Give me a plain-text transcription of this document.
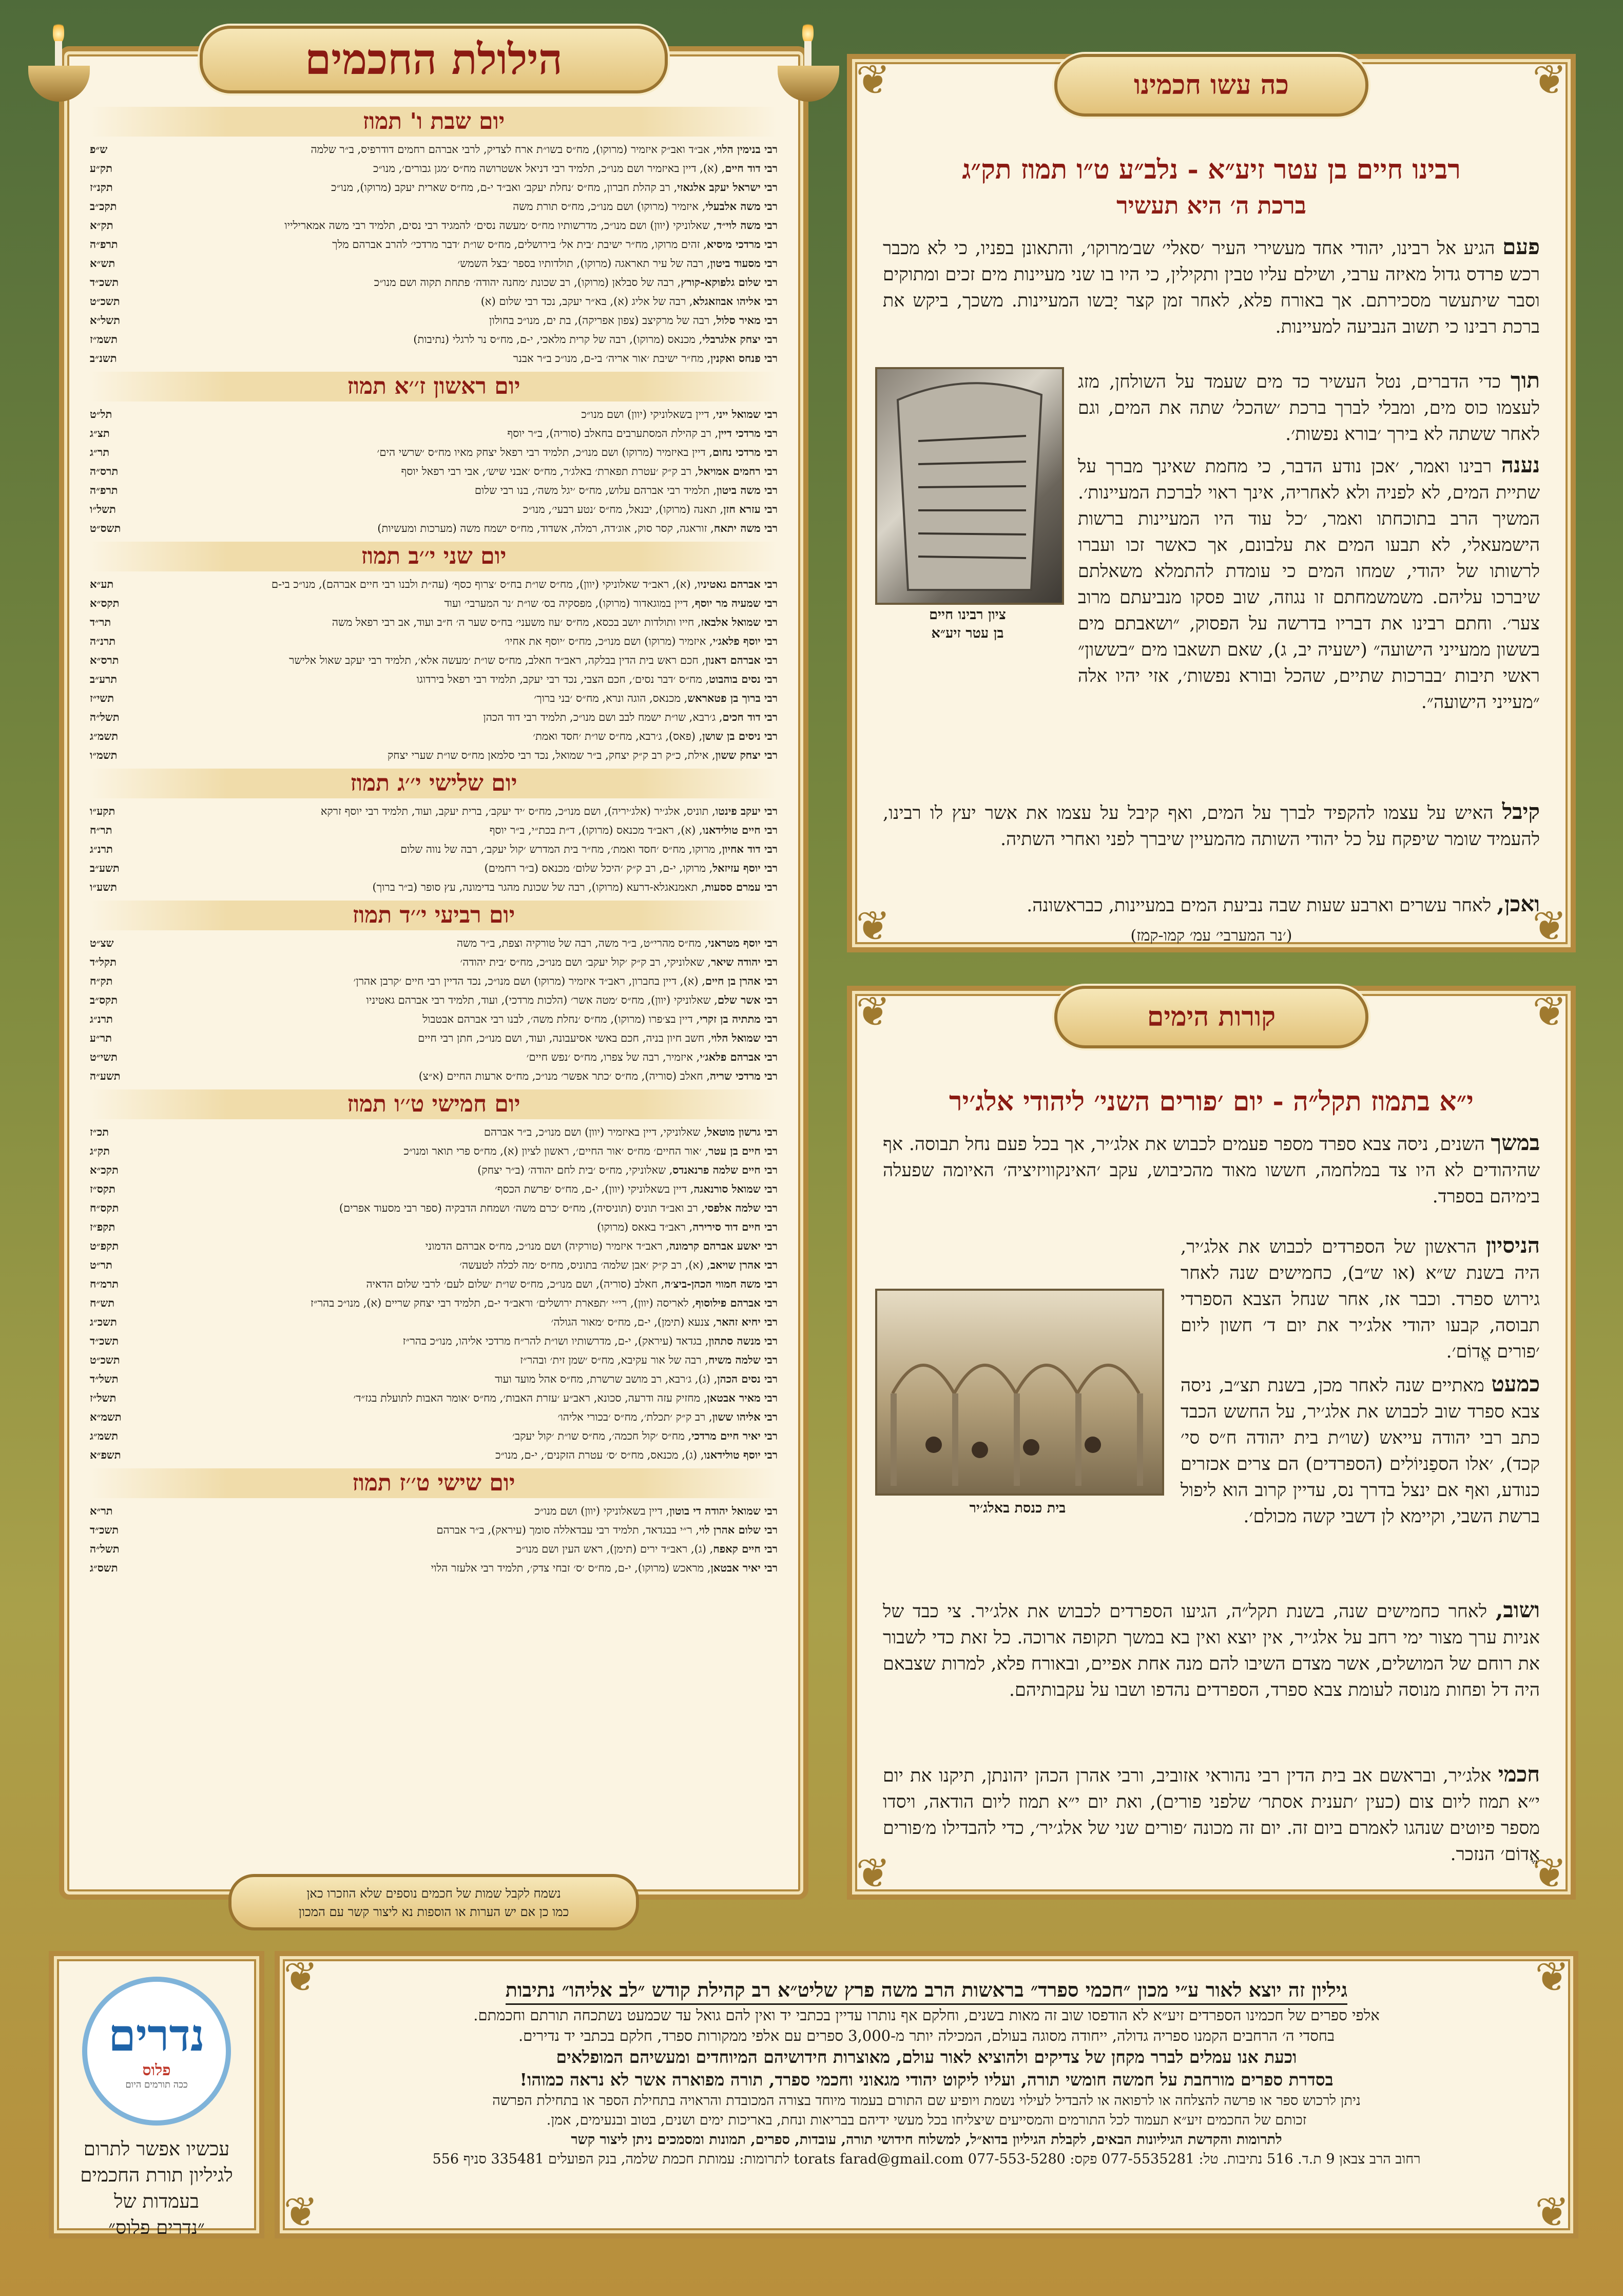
הילולת החכמים
יום שבת ו' תמוז
ש״פ	רבי בנימין הלוי, אב״ד ואב״ק איזמיר (מרוקו), מח״ס בשו״ת ארח לצדיק, לרבי אברהם רחמים דודרפיס, ב״ר שלמה
תק״ע	רבי דוד חיים, (א), דיין באיזמיר ושם מנו״כ, תלמיד רבי דניאל אשטרושה מח״ס ׳מגן גבורים׳, מנו״כ
תקנ״ז	רבי ישראל יעקב אלגאזי, רב קהלת חברון, מח״ס ׳נחלת יעקב׳ ואב״ד י-ם, מח״ס שארית יעקב (מרוקו), מנו״כ
תקכ״ב	רבי משה אלבעלי, איזמיר (מרוקו) ושם מנו״כ, מח״ס תורת משה
תק״א	רבי משה לוי״ד, שאלוניקי (יוון) ושם מנו״כ, מדרשותיו מח״ס ׳מעשה נסים׳ להמגיד רבי נסים, תלמיד רבי משה אמארילייו
תרפ״ה	רבי מרדכי מיסיא, זהים מרוקו, מח״ר ישיבת ׳בית אל׳ בירושלים, מח״ס שו״ת ׳דבר מרדכי׳ להרב אברהם מלך
תש״א	רבי מסעוד ביטון, רבה של עיר תאראגה (מרוקו), תולדותיו בספר ׳בצל השמש׳
תשכ״ד	רבי שלום גלפוקא-קורץ, רבה של סבלאן (מרוקו), רב שכונת ׳מחנה יהודה׳ פתחת תקוה ושם מנו״כ
תשכ״ט	רבי אליהו אבוזאגלא, רבה של אליג (א), בא״ר יעקב, נכד רבי שלום (א)
תשל״א	רבי מאיר סלול, רבה של מרקיצב (צפון אפריקה), בת ים, מנו״כ בחולון
תשמ״ז	רבי יצחק אלגרבלי, מכנאס (מרוקו), רבה של קרית מלאכי, י-ם, מח״ס נר לרגלי (נתיבות)
תשנ״ב	רבי פנחס ואקנין, מח״ר ישיבת ׳אור אריה׳ בי-ם, מנו״כ ב״ר אבנר
יום ראשון ז׳׳א תמוז
תל״ט	רבי שמואל ייני, דיין בשאלוניקי (יוון) ושם מנו״כ
תצ״ג	רבי מרדכי דיין, רב קהילת המסתערבים בחאלב (סוריה), ב״ר יוסף
תר״ג	רבי מרדכי נחום, דיין באיזמיר (מרוקו) ושם מנו״כ, תלמיד רבי רפאל יצחק מאיו מח״ס ׳שרשי הים׳
תרס״ה	רבי רחמים אמויאל, רב ק״ק ׳עטרת תפארת׳ באלג׳ר, מח״ס ׳אבני שיש׳, אבי רבי רפאל יוסף
תרפ״ה	רבי משה ביטון, תלמיד רבי אברהם עלוש, מח״ס ׳יגל משה׳, בנו רבי שלום
תשל״ו	רבי עזרא חזן, תאנה (מרוקו), יבנאל, מח״ס ׳נטע רבעי׳, מנו״כ
תשס״ט	רבי משה יתאח, זוראגה, קסר סוק, אוג׳דה, רמלה, אשדוד, מח״ס ישמח משה (מערכות ומעשיות)
יום שני י׳׳ב תמוז
תע״א	רבי אברהם גאטיניו, (א), ראב״ד שאלוניקי (יוון), מח״ס שו״ת בח״ס ׳צרוף כסף׳ (עה״ת ולבנו רבי חיים אברהם), מנו״כ בי-ם
תקס״א	רבי שמעיה מר יוסף, דיין במוגאדור (מרוקו), מפסקיה בס׳ שו״ת ׳נר המערבי׳ ועוד
תר״ד	רבי שמואל אלבאז, חייו ותולדות יושב בכסא, מח״ס ׳עוז משעני׳ בח״ס שער ה׳ ח״ב ועוד, אב רבי רפאל משה
תרנ״ה	רבי יוסף פלאג׳י, איזמיר (מרוקו) ושם מנו״כ, מח״ס ׳יוסף את אחיו׳
תרס״א	רבי אברהם דאנון, חכם ראש בית הדין בבלקה, ראב״ד חאלב, מח״ס שו״ת ׳מעשה אלא׳, תלמיד רבי יעקב שאול אלישר
תרע״ב	רבי נסים בוהבוט, מח״ס ׳דבר נסים׳, חכם הצבי, נכד רבי יעקב, תלמיד רבי רפאל בירדוגו
תשי״ז	רבי ברוך בן פטאראש, מכנאס, הוגה ונרא, מח״ס ׳בני ברוך׳
תשל״ה	רבי דוד חכים, ג׳רבא, שו״ת ישמח לבב ושם מנו״כ, תלמיד רבי דוד הכהן
תשמ״ג	רבי ניסים בן שושן, (פאס), ג׳רבא, מח״ס שו״ת ׳חסד ואמת׳
תשמ״ו	רבי יצחק ששון, אילת, כ״ק רב ק״ק יצחק, ב״ר שמואל, נכד רבי סלמאן מח״ס שו״ת שערי יצחק
יום שלישי י׳׳ג תמוז
תקע״ו	רבי יעקב פינטו, תוניס, אלג׳יר (אלג׳יריה), ושם מנו״כ, מח״ס ׳יד יעקב׳, ברית יעקב, ועוד, תלמיד רבי יוסף זרקא
תר״ח	רבי חיים טולידאנו, (א), ראב״ד מכנאס (מרוקו), ד״ת בכת״י, ב״ר יוסף
תרנ״ג	רבי דוד אחיון, מרוקו, מח״ס ׳חסד ואמת׳, מח״ר בית המדרש ׳קול יעקב׳, רבה של נווה שלום
תשע״ב	רבי יוסף עזיזאל, מרוקו, י-ם, רב ק״ק ׳היכל שלום׳ מכנאס (ב״ר רחמים)
תשע״ו	רבי עמרם ססעות, תאמנאגלא-דרעא (מרוקו), רבה של שכונת מהגר בדימונה, עץ סופר (ב״ר ברוך)
יום רביעי י׳׳ד תמוז
שצ״ט	רבי יוסף מטראני, מח״ס מהרי״ט, ב״ר משה, רבה של טורקיה וצפת, ב״ר משה
תקל״ד	רבי יהודה שיאר, שאלוניקי, רב ק״ק ׳קול יעקב׳ ושם מנו״כ, מח״ס ׳בית יהודה׳
תק״ח	רבי אהרן בן חיים, (א), דיין בחברון, ראב״ד איזמיר (מרוקו) ושם מנו״כ, נכד הדיין רבי חיים ׳קרבן אהרן׳
תקס״ב	רבי אשר שלם, שאלוניקי (יוון), מח״ס ׳מטה אשר׳ (הלכות מרדכי), ועוד, תלמיד רבי אברהם גאטיניו
תרנ״ג	רבי מתתיה בן זקרי, דיין בצ׳פרו (מרוקו), מח״ס ׳נחלת משה׳, לבנו רבי אברהם אבטבול
תר״ע	רבי שמואל הלוי, חשב חיון בניה, חכם באשי אסיעבונה, ועוד, ושם מנו״כ, חתן רבי חיים
תשי״ט	רבי אברהם פלאג׳י, איזמיר, רבה של צפרו, מח״ס ׳נפש חיים׳
תשע״ה	רבי מרדכי שריה, חאלב (סוריה), מח״ס ׳כתר אפשר׳ מנו״כ, מח״ס ארעות החיים (א״צ)
יום חמישי ט׳׳ו תמוז
תכ״ז	רבי גרשון מוטאל, שאלוניקי, דיין באיזמיר (יוון) ושם מנו״כ, ב״ר אברהם
תק״ג	רבי חיים בן עטר, ׳אור החיים׳ מח״ס ׳אור החיים׳, ראשון לציון (א), מח״ס פרי תואר ומנו״כ
תקכ״א	רבי חיים שלמה פרנאנדס, שאלוניקי, מח״ס ׳בית לחם יהודה׳ (ב״ר יצחק)
תקס״ז	רבי שמואל סורנאגה, דיין בשאלוניקי (יוון), י-ם, מח״ס ׳פרשת הכסף׳
תקס״ח	רבי שלמה אלפסי, רב ואב״ד תוניס (תוניסיה), מח״ס ׳כרם משה׳ ושמחת הדבקיה (ספר רבי מסעוד אפרים)
תקפ״ז	רבי חיים דוד סירירה, ראב״ד באאס (מרוקו)
תקפ״ט	רבי יאשע אברהם קרמונה, ראב״ד איזמיר (טורקיה) ושם מנו״כ, מח״ס אברהם הדמוני
תר״ט	רבי אהרן שויאב, (א), רב ק״ק ׳אבן שלמה׳ בתוניס, מח״ס ׳מה לכלה לטעשה׳
תרמ״ח	רבי משה חמווי הכהן-ביצ׳ה, חאלב (סוריה), ושם מנו״כ, מח״ס שו״ת ׳שלום לעם׳ לרבי שלום הדאיה
תש״ח	רבי אברהם פילוסוף, לאריסה (יוון), רי״י ׳תפארת ירושלים׳ וראב״ד י-ם, תלמיד רבי יצחק שריים (א), מנו״כ בהר״ז
תשכ״ג	רבי יחיא זהאר, צנעא (תימן), י-ם, מח״ס ׳מאור הגולה׳
תשכ״ד	רבי מנשה סתהון, בגדאד (עיראק), י-ם, מדרשותיו ושו״ת להר״ח מרדכי אליהו, מנו״כ בהר״ז
תשכ״ט	רבי שלמה משיח, רבה של אור עקיבא, מח״ס ׳שמן זית׳ ובהר״ז
תשל״ד	רבי נסים הכהן, (ג), ג׳רבא, רב מושב שרשרת, מח״ס אהל מועד ועוד
תשל״ז	רבי מאיר אבטאן, מחזיק עזה ודרעה, סכונא, ראב״ע ׳עזרת האבות׳, מח״ס ׳אומר האבות לתועלת בגז״ד׳
תשמ״א	רבי אליהו ששון, רב ק״ק ׳תכלת׳, מח״ס ׳בכורי אליהו׳
תשמ״ג	רבי יאיר חיים מרדכי, מח״ס ׳קול חכמה׳, מח״ס שו״ת ׳קול יעקב׳
תשפ״א	רבי יוסף טולידאנו, (ג), מכנאס, מח״ס ׳ס׳ עטרת הזקנים׳, י-ם, מנו״כ
יום שישי ט׳׳ז תמוז
תר״א	רבי שמואל יהודה די בוטון, דיין בשאלוניקי (יוון) ושם מנו״כ
תשכ״ד	רבי שלום אהרן לוי, ר״י בבגדאד, תלמיד רבי עבדאללה סומך (עיראק), ב״ר אברהם
תשל״ה	רבי חיים קאפח, (ג), ראב״ד ירים (תימן), ראש העין ושם מנו״כ
תשס״ג	רבי יאיר אבטאן, מראכש (מרוקו), י-ם, מח״ס ׳ס׳ זבחי צדק׳, תלמיד רבי אלעזר הלוי
נשמח לקבל שמות של חכמים נוספים שלא הוזכרו כאן
כמו כן אם יש הערות או הוספות נא ליצור קשר עם המכון
❦	❦
❦	❦
כה עשו חכמינו
רבינו חיים בן עטר זיע״א - נלב״ע ט״ו תמוז תק״ג
ברכת ה׳ היא תעשיר
פעם הגיע אל רבינו, יהודי אחד מעשירי העיר ׳סאלי׳ שב׳מרוקו׳, והתאונן בפניו, כי לא מכבר רכש פרדס גדול מאיזה ערבי, ושילם עליו טבין ותקילין, כי היו בו שני מעיינות מים זכים ומתוקים וסבר שיתעשר מסכירתם. אך באורח פלא, לאחר זמן קצר יָבשו המעיינות. משכך, ביקש את ברכת רבינו כי תשוב הנביעה למעיינות.
ציון רבינו חיים
בן עטר זיע״א
תוך כדי הדברים, נטל העשיר כד מים שעמד על השולחן, מזג לעצמו כוס מים, ומבלי לברך ברכת ׳שהכל׳ שתה את המים, וגם לאחר ששתה לא בירך ׳בורא נפשות׳.
נענה רבינו ואמר, ׳אכן נודע הדבר, כי מחמת שאינך מברך על שתיית המים, לא לפניה ולא לאחריה, אינך ראוי לברכת המעיינות׳. המשיך הרב בתוכחתו ואמר, ׳כל עוד היו המעיינות ברשות הישמעאלי, לא תבעו המים את עלבונם, אך כאשר זכו ועברו לרשותו של יהודי, שמחו המים כי עומדת להתמלא משאלתם שיברכו עליהם. משמשמחתם זו נגוזה, שוב פסקו מנביעתם מרוב צער׳. וחתם רבינו את דבריו בדרשה על הפסוק, ״ושאבתם מים בששון ממעייני הישועה״ (ישעיה יב, ג), שאם תשאבו מים ״בששון״ ראשי תיבות ׳בברכות שתיים, שהכל ובורא נפשות׳, אזי יהיו אלה ״מעייני הישועה״.
קיבל האיש על עצמו להקפיד לברך על המים, ואף קיבל על עצמו את אשר יעץ לו רבינו, להעמיד שומר שיפקח על כל יהודי השותה מהמעיין שיברך לפני ואחרי השתיה.
ואכן, לאחר עשרים וארבע שעות שבה נביעת המים במעיינות, כבראשונה.
(׳נר המערבי׳ עמ׳ קמו-קמז)
❦	❦
❦	❦
קורות הימים
י״א בתמוז תקל״ה - יום ׳פורים השני׳ ליהודי אלג׳יר
במשך השנים, ניסה צבא ספרד מספר פעמים לכבוש את אלג׳יר, אך בכל פעם נחל תבוסה. אף שהיהודים לא היו צד במלחמה, חששו מאוד מהכיבוש, עקב ׳האינקוויזיציה׳ האיומה שפעלה בימיהם בספרד.
בית כנסת באלג׳יר
הניסיון הראשון של הספרדים לכבוש את אלג׳יר, היה בשנת ש״א (או ש״ב), כחמישים שנה לאחר גירוש ספרד. וכבר אז, אחר שנחל הצבא הספרדי תבוסה, קבעו יהודי אלג׳יר את יום ד׳ חשון ליום ׳פורים אֱדוֹם׳.
כמעט מאתיים שנה לאחר מכן, בשנת תצ״ב, ניסה צבא ספרד שוב לכבוש את אלג׳יר, על החשש הכבד כתב רבי יהודה עייאש (שו״ת בית יהודה ח״ס סי׳ קכד), ׳אלו הספַניוֹלים (הספרדים) הם צרים אכזרים כנודע, ואף אם ינצל בדרך נס, עדיין קרוב הוא ליפול ברשת השבי, וקיימא לן דשבי קשה מכולם׳.
ושוב, לאחר כחמישים שנה, בשנת תקל״ה, הגיעו הספרדים לכבוש את אלג׳יר. צי כבד של אניות ערך מצור ימי רחב על אלג׳יר, אין יוצא ואין בא במשך תקופה ארוכה. כל זאת כדי לשבור את רוחם של המושלים, אשר מצדם השיבו להם מנה אחת אפיים, ובאורח פלא, למרות שצבאם היה דל ופחות מנוסה לעומת צבא ספרד, הספרדים נהדפו ושבו על עקבותיהם.
חכמי אלג׳יר, ובראשם אב בית הדין רבי נהוראי אזוביב, ורבי אהרן הכהן יהונתן, תיקנו את יום י״א תמוז ליום צום (כעין ׳תענית אסתר׳ שלפני פורים), ואת יום י״א תמוז ליום הודאה, ויסדו מספר פיוטים שנהגו לאמרם ביום זה. יום זה מכונה ׳פורים שני של אלג׳יר׳, כדי להבדילו מ׳פורים אֱדוֹם׳ הנזכר.
נדרים
פלוס
ככה תורמים היום
עכשיו אפשר לתרום
לגיליון תורת החכמים
בעמדות של
״נדרים פלוס״
❦	❦
❦	❦
גיליון זה יוצא לאור ע״י מכון ״חכמי ספרד״ בראשות הרב משה פרץ שליט״א רב קהילת קודש ״לב אליהו״ נתיבות
אלפי ספרים של חכמינו הספרדים זיע״א לא הודפסו שוב זה מאות בשנים, וחלקם אף נותרו עדיין בכתבי יד ואין להם גואל עד שכמעט נשתכחה תורתם וחכמתם.
בחסדי ה׳ הרחבים הקמנו ספריה גדולה, ייחודה מסוגה בעולם, המכילה יותר מ-3,000 ספרים עם אלפי ממקורות ספרד, חלקם בכתבי יד נדירים.
וכעת אנו עמלים לברר מקחן של צדיקים ולהוציא לאור עולם, מאוצרות חידושיהם המיוחדים ומעשיהם המופלאים
בסדרת ספרים מורחבת על חמשה חומשי תורה, ועליו ליקוט יהודי מגאוני וחכמי ספרד, תורה מפוארה אשר לא נראה כמוהו!
ניתן לרכוש ספר או פרשה להצלחה או לרפואה או להבדיל לעילוי נשמת ויופיע שם התורם בעמוד מיוחד בצורה המכובדת והראויה בתחילת הספר או בתחילת הפרשה
זכותם של החכמים זיע״א תעמוד לכל התורמים והמסייעים שיצליחו בכל מעשי ידיהם בבריאות ונחת, באריכות ימים ושנים, בטוב ובנעימים, אמן.
לתרומות והקדשת הגיליונות הבאים, לקבלת הגיליון בדוא״ל, למשלוח חידושי תורה, עובדות, ספרים, תמונות ומסמכים ניתן ליצור קשר
רחוב הרב צבאן 9 ת.ד. 516 נתיבות. טל: 077-5535281 פקס: 077-553-5280 torats farad@gmail.com לתרומות: עמותת חכמת שלמה, בנק הפועלים 335481 סניף 556
